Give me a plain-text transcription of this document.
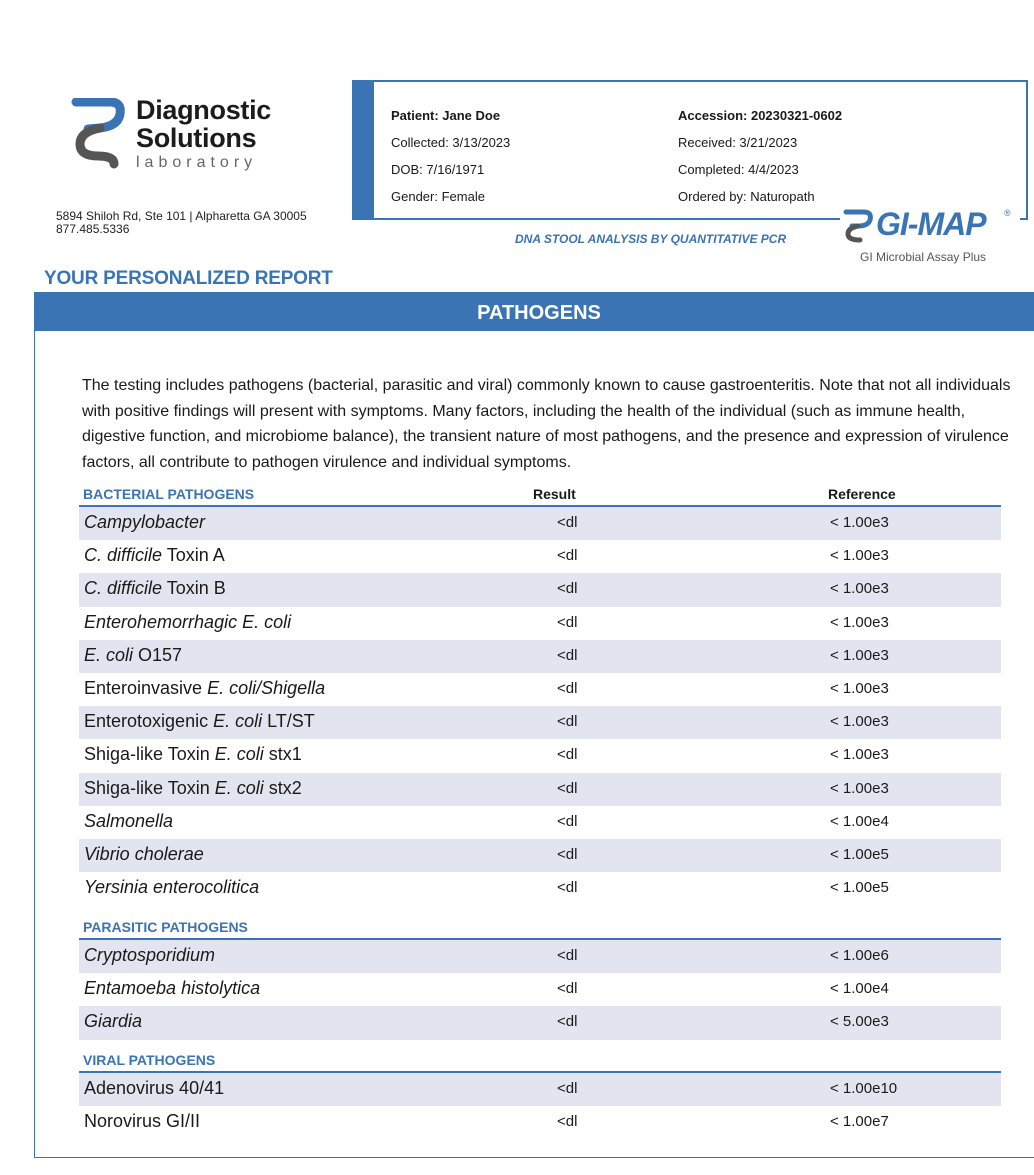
Diagnostic
Solutions
laboratory
5894 Shiloh Rd, Ste 101 | Alpharetta GA 30005
877.485.5336
Patient: Jane Doe
Collected: 3/13/2023
DOB: 7/16/1971
Gender: Female
Accession: 20230321-0602
Received: 3/21/2023
Completed: 4/4/2023
Ordered by: Naturopath
DNA STOOL ANALYSIS BY QUANTITATIVE PCR	GI-MAP ®
GI Microbial Assay Plus
YOUR PERSONALIZED REPORT
PATHOGENS

The testing includes pathogens (bacterial, parasitic and viral) commonly known to cause gastroenteritis. Note that not all individuals with positive findings will present with symptoms. Many factors, including the health of the individual (such as immune health, digestive function, and microbiome balance), the transient nature of most pathogens, and the presence and expression of virulence factors, all contribute to pathogen virulence and individual symptoms.

BACTERIAL PATHOGENS	Result	Reference
Campylobacter	<dl	< 1.00e3
C. difficile Toxin A	<dl	< 1.00e3
C. difficile Toxin B	<dl	< 1.00e3
Enterohemorrhagic E. coli	<dl	< 1.00e3
E. coli O157	<dl	< 1.00e3
Enteroinvasive E. coli/Shigella	<dl	< 1.00e3
Enterotoxigenic E. coli LT/ST	<dl	< 1.00e3
Shiga-like Toxin E. coli stx1	<dl	< 1.00e3
Shiga-like Toxin E. coli stx2	<dl	< 1.00e3
Salmonella	<dl	< 1.00e4
Vibrio cholerae	<dl	< 1.00e5
Yersinia enterocolitica	<dl	< 1.00e5
PARASITIC PATHOGENS
Cryptosporidium	<dl	< 1.00e6
Entamoeba histolytica	<dl	< 1.00e4
Giardia	<dl	< 5.00e3
VIRAL PATHOGENS
Adenovirus 40/41	<dl	< 1.00e10
Norovirus GI/II	<dl	< 1.00e7
